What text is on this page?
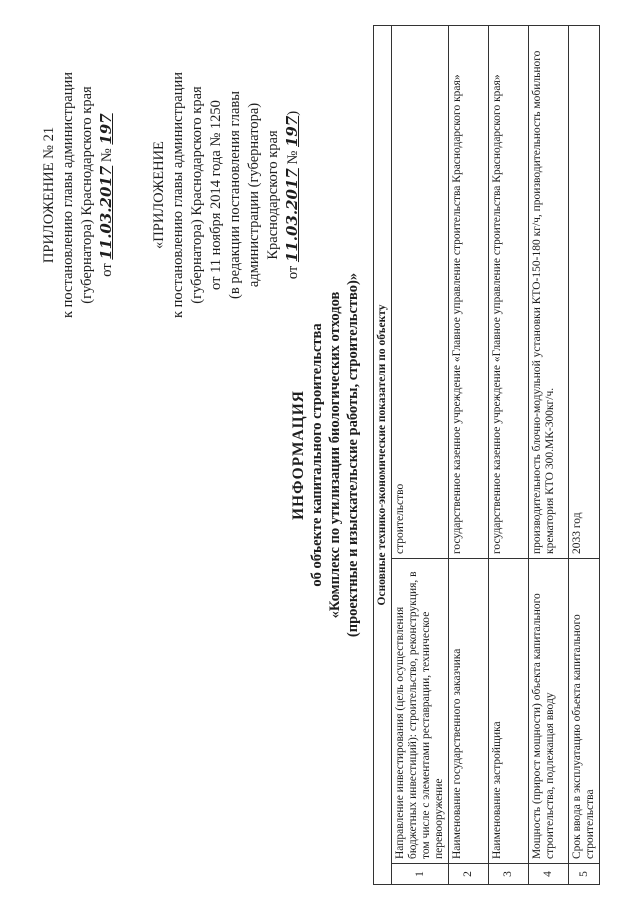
ПРИЛОЖЕНИЕ № 21 к постановлению главы администрации (губернатора) Краснодарского края от 11.03.2017 № 197
«ПРИЛОЖЕНИЕ к постановлению главы администрации (губернатора) Краснодарского края от 11 ноября 2014 года № 1250 (в редакции постановления главы администрации (губернатора) Краснодарского края
от 11.03.2017 № 197)
ИНФОРМАЦИЯ об объекте капитального строительства «Комплекс по утилизации биологических отходов (проектные и изыскательские работы, строительство)» Основные технико-экономические показатели по объекту		
1	Направление инвестирования (цель осуществления бюджетных инвестиций): строительство, реконструкция, в том числе с элементами реставрации, техническое перевооружение	строительство
2	Наименование государственного заказчика	государственное казенное учреждение «Главное управление строительства Краснодарского края»
3	Наименование застройщика	государственное казенное учреждение «Главное управление строительства Краснодарского края»
4	Мощность (прирост мощности) объекта капитального строительства, подлежащая вводу	производительность блочно-модульной установки КТО-150-180 кг/ч, производительность мобильного крематория КТО 300.МК-300кг/ч.
5	Срок ввода в эксплуатацию объекта капитального строительства	2033 год
